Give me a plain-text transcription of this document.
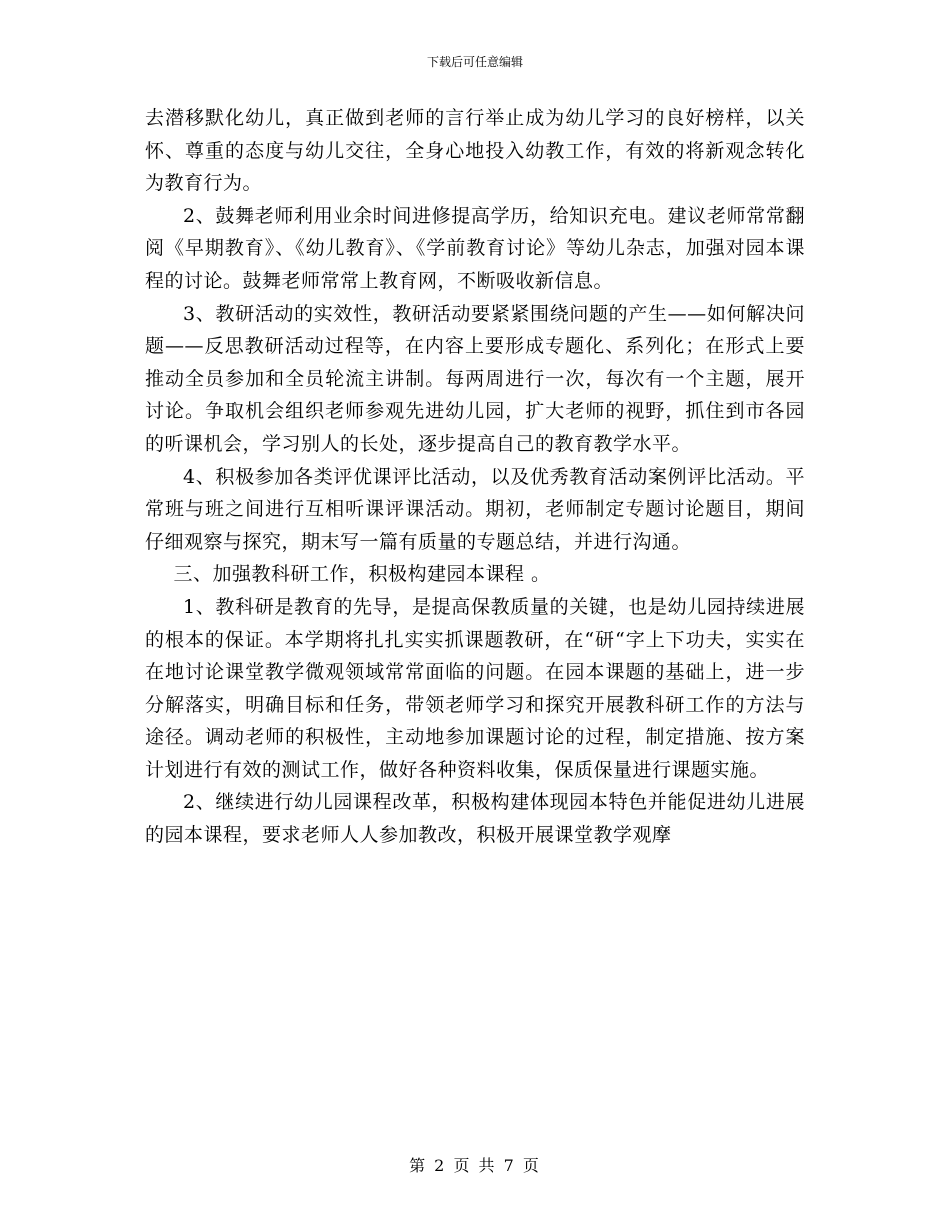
下载后可任意编辑

去潜移默化幼儿，真正做到老师的言行举止成为幼儿学习的良好榜样，以关怀、尊重的态度与幼儿交往，全身心地投入幼教工作，有效的将新观念转化为教育行为。

2、鼓舞老师利用业余时间进修提高学历，给知识充电。建议老师常常翻阅《早期教育》、《幼儿教育》、《学前教育讨论》等幼儿杂志，加强对园本课程的讨论。鼓舞老师常常上教育网，不断吸收新信息。

3、教研活动的实效性，教研活动要紧紧围绕问题的产生——如何解决问题——反思教研活动过程等，在内容上要形成专题化、系列化；在形式上要推动全员参加和全员轮流主讲制。每两周进行一次，每次有一个主题，展开讨论。争取机会组织老师参观先进幼儿园，扩大老师的视野，抓住到市各园的听课机会，学习别人的长处，逐步提高自己的教育教学水平。

4、积极参加各类评优课评比活动，以及优秀教育活动案例评比活动。平常班与班之间进行互相听课评课活动。期初，老师制定专题讨论题目，期间仔细观察与探究，期末写一篇有质量的专题总结，并进行沟通。

三、加强教科研工作，积极构建园本课程 。

1、教科研是教育的先导，是提高保教质量的关键，也是幼儿园持续进展的根本的保证。本学期将扎扎实实抓课题教研，在“研“字上下功夫，实实在在地讨论课堂教学微观领域常常面临的问题。在园本课题的基础上，进一步分解落实，明确目标和任务，带领老师学习和探究开展教科研工作的方法与途径。调动老师的积极性，主动地参加课题讨论的过程，制定措施、按方案计划进行有效的测试工作，做好各种资料收集，保质保量进行课题实施。

2、继续进行幼儿园课程改革，积极构建体现园本特色并能促进幼儿进展的园本课程，要求老师人人参加教改，积极开展课堂教学观摩

第 2 页 共 7 页
